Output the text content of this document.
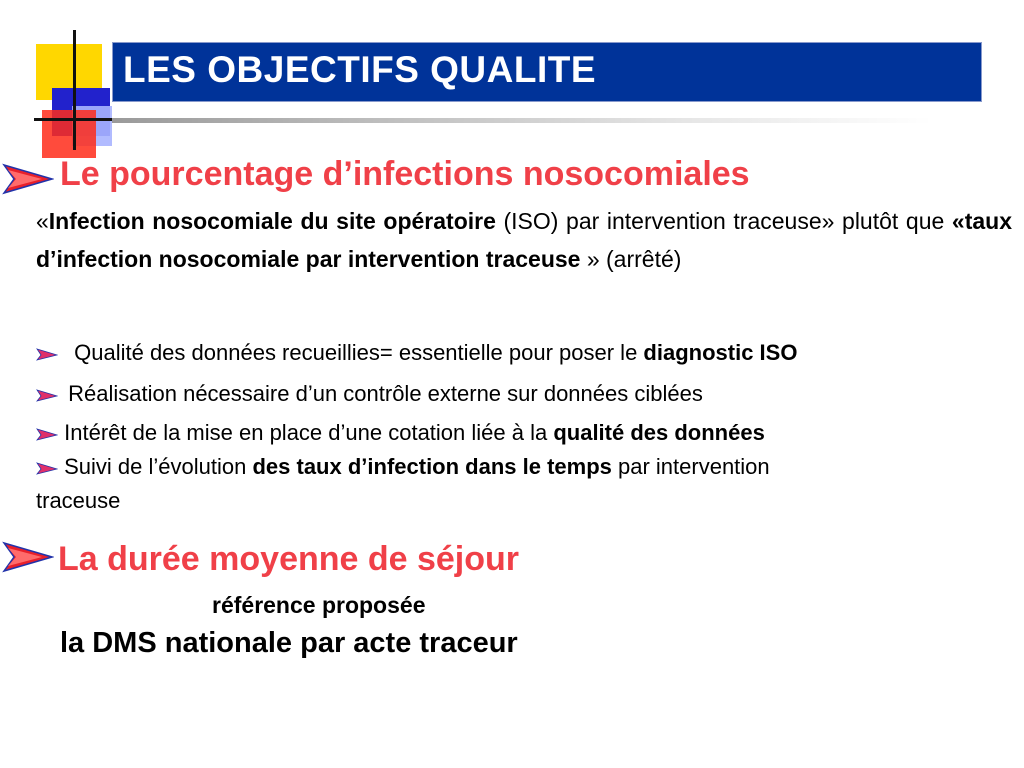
LES OBJECTIFS QUALITE
Le pourcentage d’infections nosocomiales
«Infection nosocomiale du site opératoire (ISO) par intervention traceuse» plutôt que «taux d’infection nosocomiale par intervention traceuse » (arrêté)
Qualité des données recueillies= essentielle pour poser le diagnostic ISO
Réalisation nécessaire d’un contrôle externe sur données ciblées
Intérêt de la mise en place d’une cotation liée à la qualité des données
Suivi de l’évolution des taux d’infection dans le temps par intervention
traceuse
La durée moyenne de séjour
référence proposée
la DMS nationale par acte traceur
